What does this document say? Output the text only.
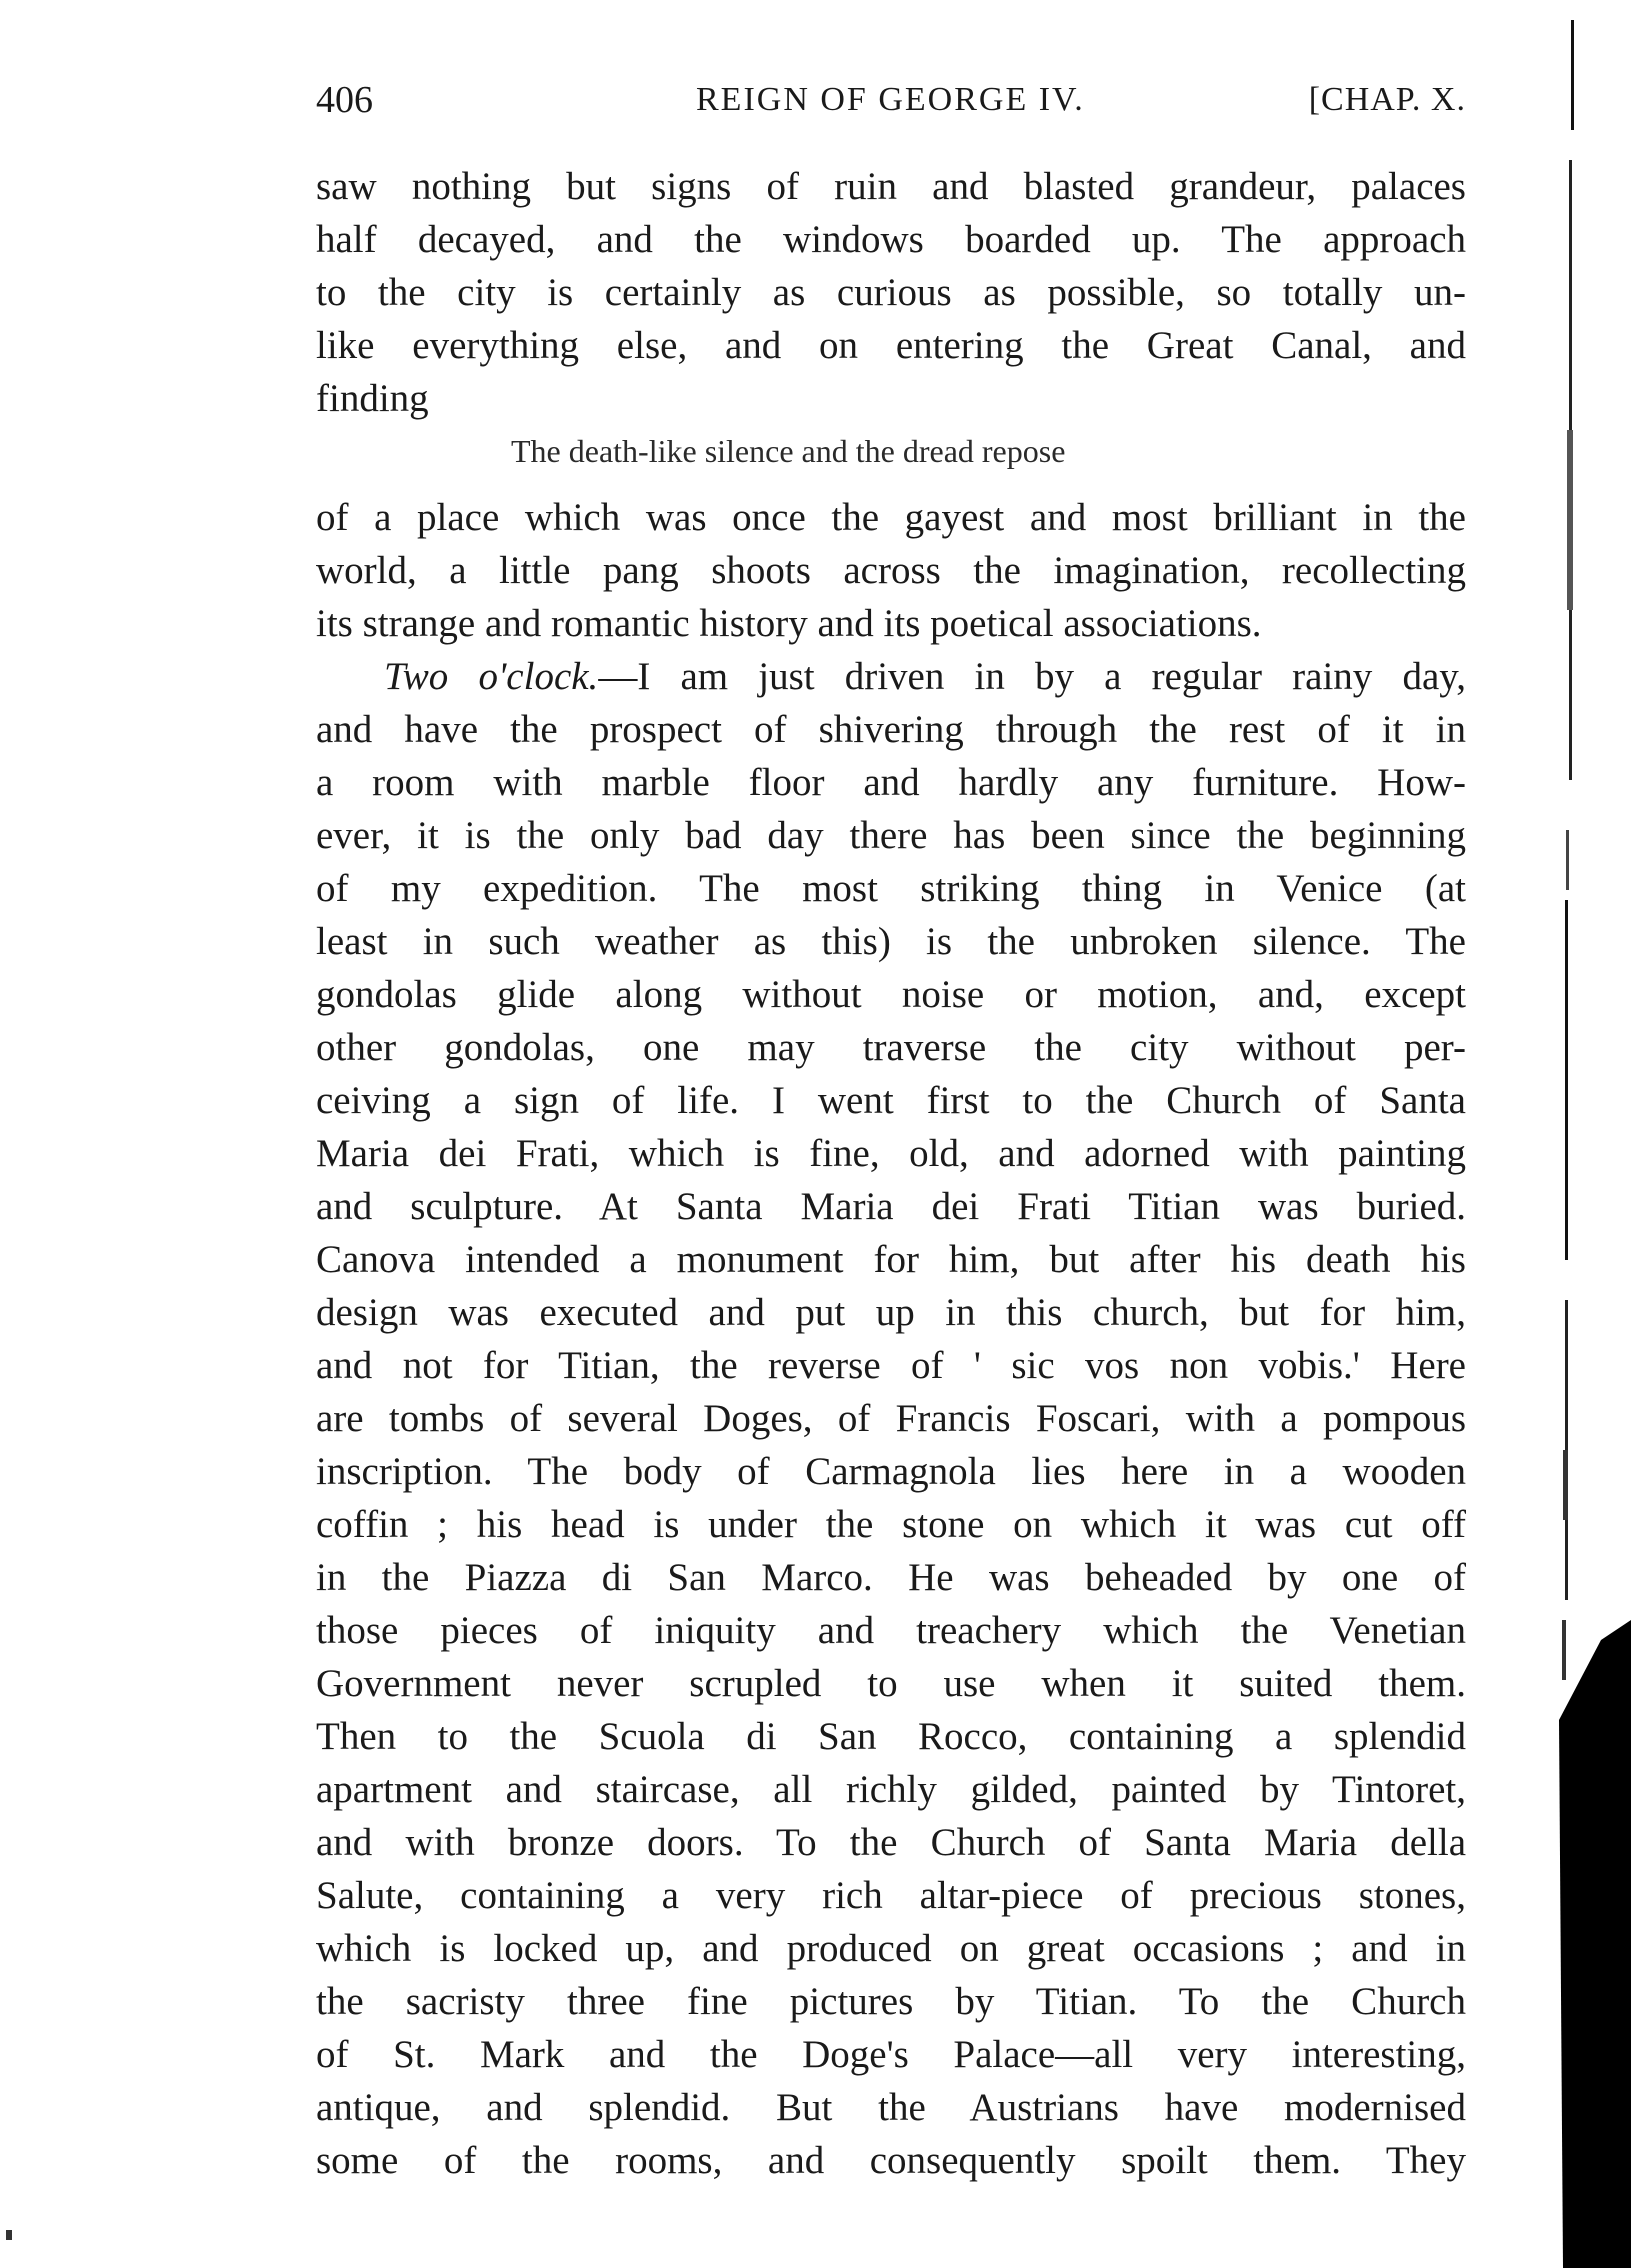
406	REIGN OF GEORGE IV.	[CHAP. X.
saw nothing but signs of ruin and blasted grandeur, palaces
half decayed, and the windows boarded up. The approach
to the city is certainly as curious as possible, so totally un-
like everything else, and on entering the Great Canal, and
finding
The death-like silence and the dread repose
of a place which was once the gayest and most brilliant in the
world, a little pang shoots across the imagination, recollecting
its strange and romantic history and its poetical associations.
Two o'clock.—I am just driven in by a regular rainy day,
and have the prospect of shivering through the rest of it in
a room with marble floor and hardly any furniture. How-
ever, it is the only bad day there has been since the beginning
of my expedition. The most striking thing in Venice (at
least in such weather as this) is the unbroken silence. The
gondolas glide along without noise or motion, and, except
other gondolas, one may traverse the city without per-
ceiving a sign of life. I went first to the Church of Santa
Maria dei Frati, which is fine, old, and adorned with painting
and sculpture. At Santa Maria dei Frati Titian was buried.
Canova intended a monument for him, but after his death his
design was executed and put up in this church, but for him,
and not for Titian, the reverse of ' sic vos non vobis.' Here
are tombs of several Doges, of Francis Foscari, with a pompous
inscription. The body of Carmagnola lies here in a wooden
coffin ; his head is under the stone on which it was cut off
in the Piazza di San Marco. He was beheaded by one of
those pieces of iniquity and treachery which the Venetian
Government never scrupled to use when it suited them.
Then to the Scuola di San Rocco, containing a splendid
apartment and staircase, all richly gilded, painted by Tintoret,
and with bronze doors. To the Church of Santa Maria della
Salute, containing a very rich altar-piece of precious stones,
which is locked up, and produced on great occasions ; and in
the sacristy three fine pictures by Titian. To the Church
of St. Mark and the Doge's Palace—all very interesting,
antique, and splendid. But the Austrians have modernised
some of the rooms, and consequently spoilt them. They
